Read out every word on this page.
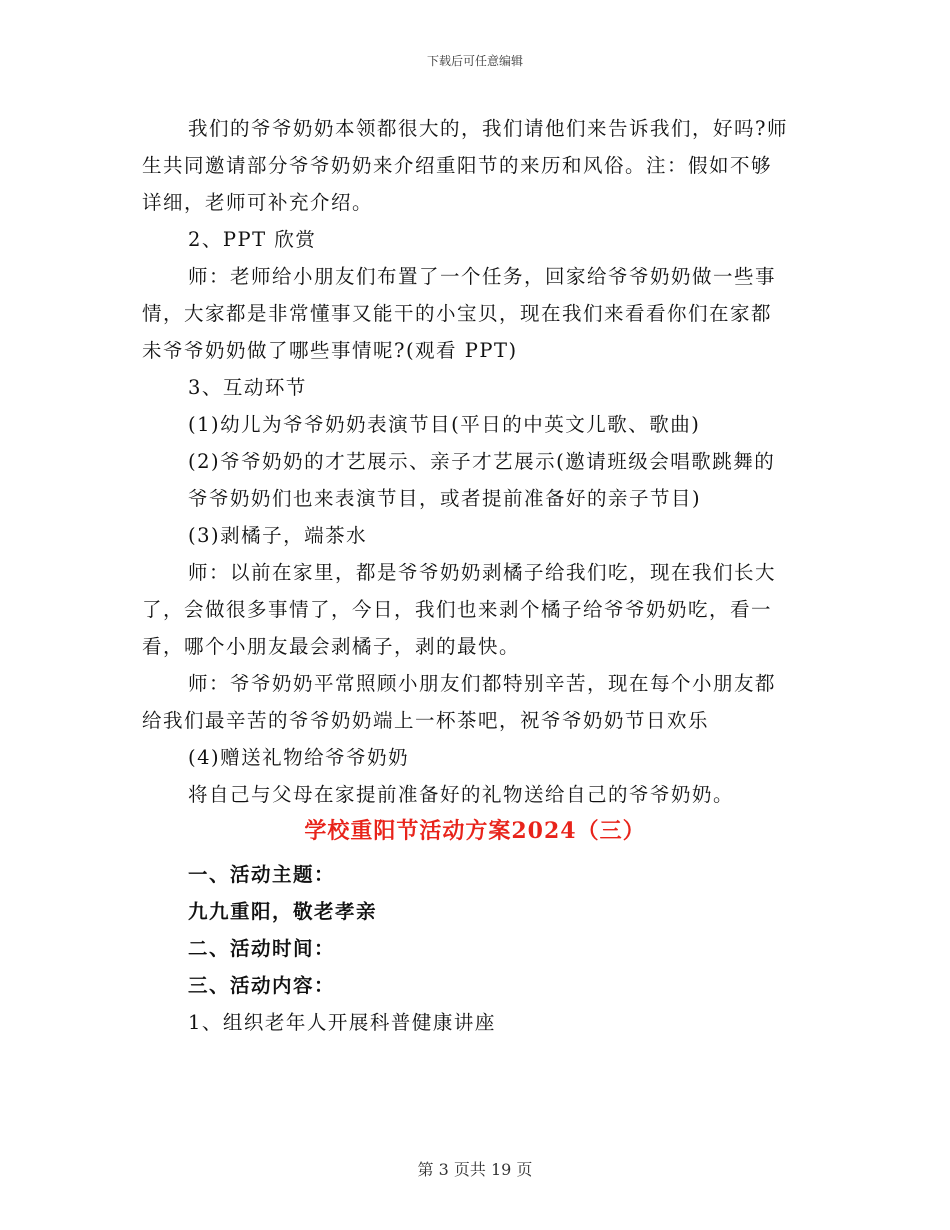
下载后可任意编辑
我们的爷爷奶奶本领都很大的，我们请他们来告诉我们，好吗?师
生共同邀请部分爷爷奶奶来介绍重阳节的来历和风俗。注：假如不够
详细，老师可补充介绍。
2、PPT 欣赏
师：老师给小朋友们布置了一个任务，回家给爷爷奶奶做一些事
情，大家都是非常懂事又能干的小宝贝，现在我们来看看你们在家都
未爷爷奶奶做了哪些事情呢?(观看 PPT)
3、互动环节
(1)幼儿为爷爷奶奶表演节目(平日的中英文儿歌、歌曲)
(2)爷爷奶奶的才艺展示、亲子才艺展示(邀请班级会唱歌跳舞的
爷爷奶奶们也来表演节目，或者提前准备好的亲子节目)
(3)剥橘子，端茶水
师：以前在家里，都是爷爷奶奶剥橘子给我们吃，现在我们长大
了，会做很多事情了，今日，我们也来剥个橘子给爷爷奶奶吃，看一
看，哪个小朋友最会剥橘子，剥的最快。
师：爷爷奶奶平常照顾小朋友们都特别辛苦，现在每个小朋友都
给我们最辛苦的爷爷奶奶端上一杯茶吧，祝爷爷奶奶节日欢乐
(4)赠送礼物给爷爷奶奶
将自己与父母在家提前准备好的礼物送给自己的爷爷奶奶。
学校重阳节活动方案2024（三）
一、活动主题：
九九重阳，敬老孝亲
二、活动时间：
三、活动内容：
1、组织老年人开展科普健康讲座
第 3 页共 19 页
